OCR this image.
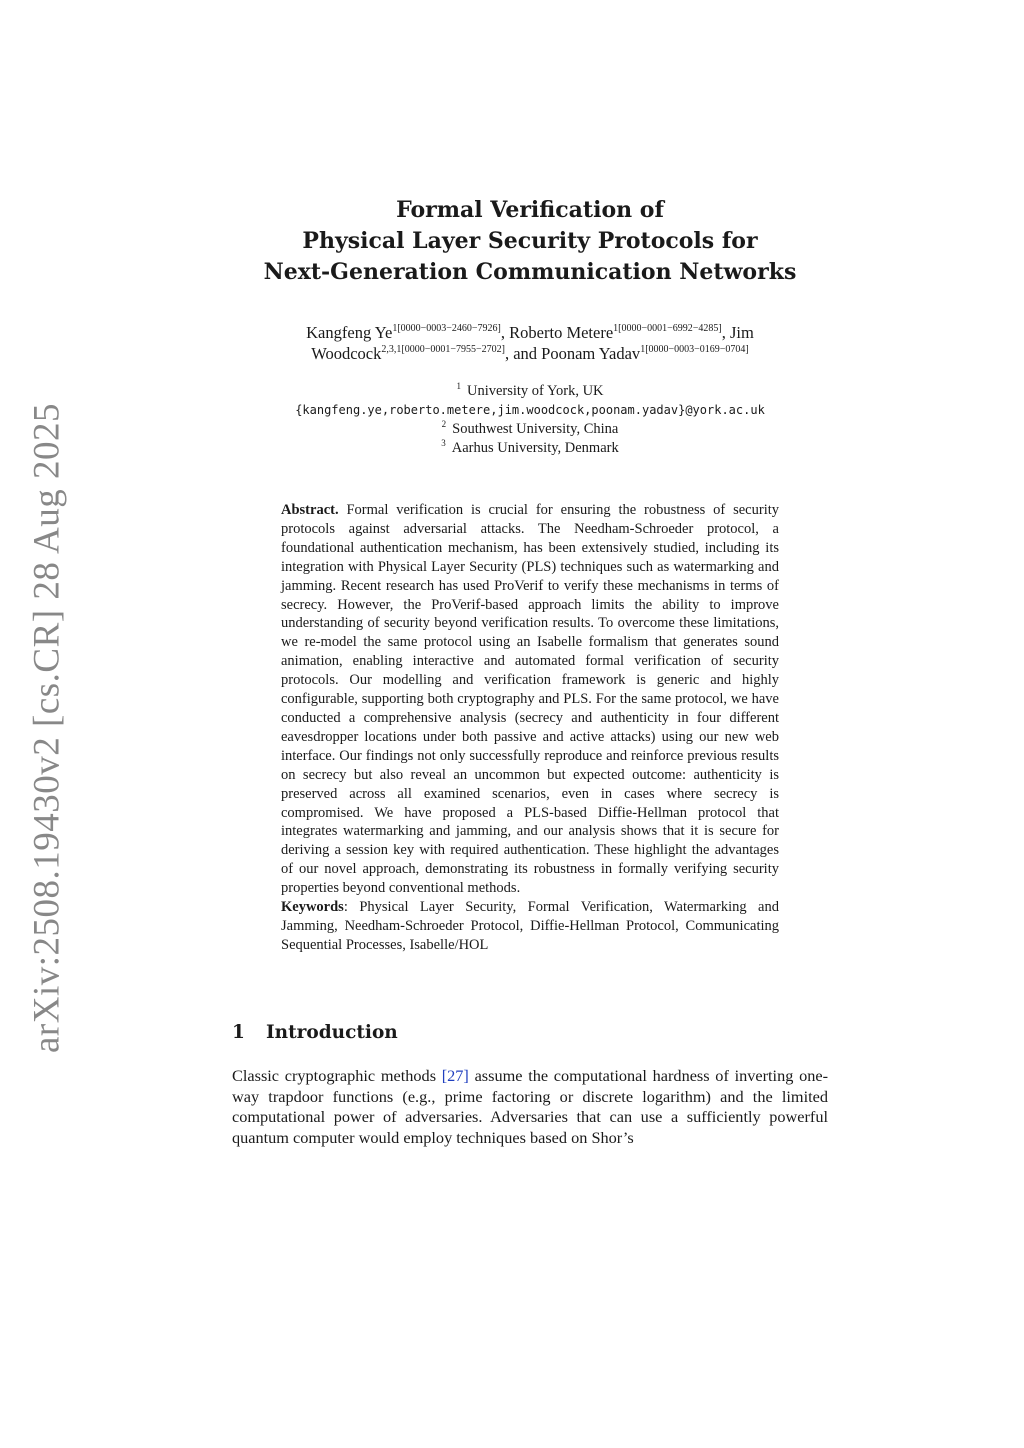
arXiv:2508.19430v2 [cs.CR] 28 Aug 2025
Formal Verification of
Physical Layer Security Protocols for
Next-Generation Communication Networks
Kangfeng $Ye^{1[0000-0003-2460-7926]}$, Roberto Metere$^{1[0000-0001-6992-4285]}$, Jim Woodcock$^{2,3,1[0000-0001-7955-2702]}$, and Poonam Yadav$^{1[0000-0003-0169-0704]}$
$^1$ University of York, UK
{kangfeng.ye,roberto.metere,jim.woodcock,poonam.yadav}@york.ac.uk
$^2$ Southwest University, China
$^3$ Aarhus University, Denmark

Abstract. Formal verification is crucial for ensuring the robustness of security protocols against adversarial attacks. The Needham-Schroeder protocol, a foundational authentication mechanism, has been extensively studied, including its integration with Physical Layer Security (PLS) techniques such as watermarking and jamming. Recent research has used ProVerif to verify these mechanisms in terms of secrecy. However, the ProVerif-based approach limits the ability to improve understanding of security beyond verification results. To overcome these limitations, we re-model the same protocol using an Isabelle formalism that generates sound animation, enabling interactive and automated formal verification of security protocols. Our modelling and verification framework is generic and highly configurable, supporting both cryptography and PLS. For the same protocol, we have conducted a comprehensive analysis (secrecy and authenticity in four different eavesdropper locations under both passive and active attacks) using our new web interface. Our findings not only successfully reproduce and reinforce previous results on secrecy but also reveal an uncommon but expected outcome: authenticity is preserved across all examined scenarios, even in cases where secrecy is compromised. We have proposed a PLS-based Diffie-Hellman protocol that integrates watermarking and jamming, and our analysis shows that it is secure for deriving a session key with required authentication. These highlight the advantages of our novel approach, demonstrating its robustness in formally verifying security properties beyond conventional methods.

Keywords: Physical Layer Security, Formal Verification, Watermarking and Jamming, Needham-Schroeder Protocol, Diffie-Hellman Protocol, Communicating Sequential Processes, Isabelle/HOL

1 Introduction

Classic cryptographic methods [27] assume the computational hardness of inverting one-way trapdoor functions (e.g., prime factoring or discrete logarithm) and the limited computational power of adversaries. Adversaries that can use a sufficiently powerful quantum computer would employ techniques based on Shor’s
